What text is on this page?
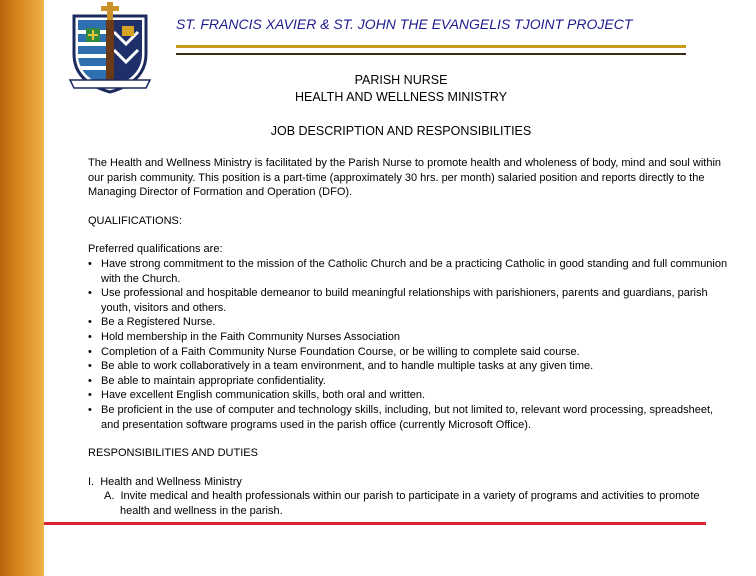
ST. FRANCIS XAVIER & ST. JOHN THE EVANGELIS TJOINT PROJECT
PARISH NURSE
HEALTH AND WELLNESS MINISTRY
JOB DESCRIPTION AND RESPONSIBILITIES

The Health and Wellness Ministry is facilitated by the Parish Nurse to promote health and wholeness of body, mind and soul within our parish community. This position is a part-time (approximately 30 hrs. per month) salaried position and reports directly to the Managing Director of Formation and Operation (DFO).

QUALIFICATIONS:

Preferred qualifications are:

• Have strong commitment to the mission of the Catholic Church and be a practicing Catholic in good standing and full communion with the Church.
• Use professional and hospitable demeanor to build meaningful relationships with parishioners, parents and guardians, parish youth, visitors and others.
• Be a Registered Nurse.
• Hold membership in the Faith Community Nurses Association
• Completion of a Faith Community Nurse Foundation Course, or be willing to complete said course.
• Be able to work collaboratively in a team environment, and to handle multiple tasks at any given time.
• Be able to maintain appropriate confidentiality.
• Have excellent English communication skills, both oral and written.
• Be proficient in the use of computer and technology skills, including, but not limited to, relevant word processing, spreadsheet, and presentation software programs used in the parish office (currently Microsoft Office).

RESPONSIBILITIES AND DUTIES

I.  Health and Wellness Ministry

A.  Invite medical and health professionals within our parish to participate in a variety of programs and activities to promote health and wellness in the parish.
